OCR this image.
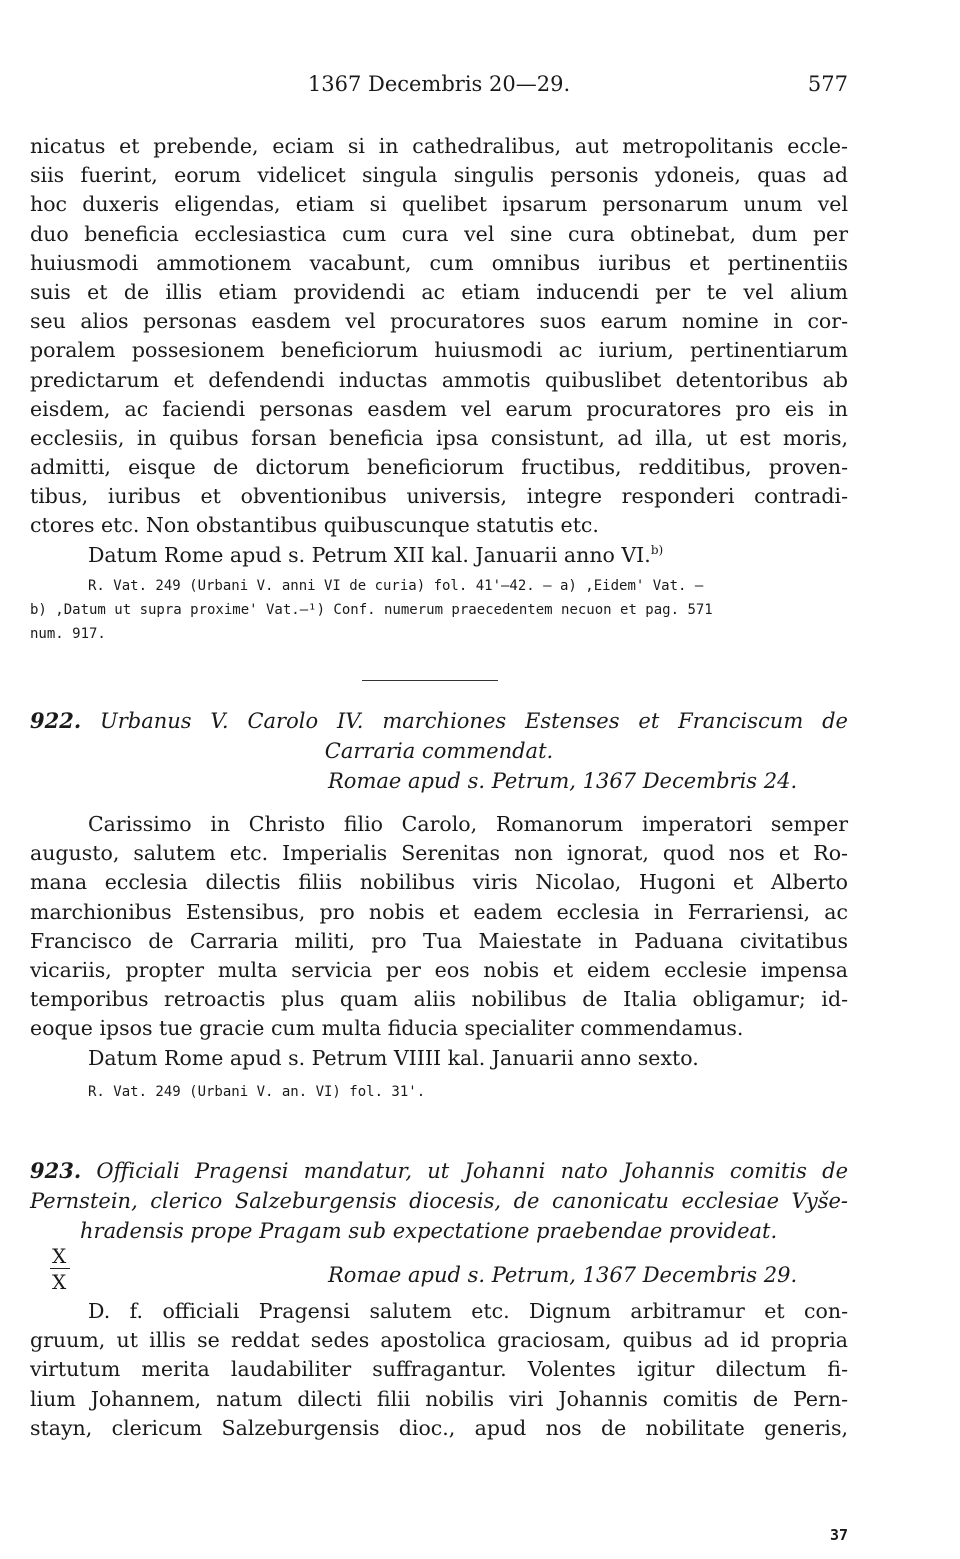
1367 Decembris 20—29.	577
nicatus et prebende, eciam si in cathedralibus, aut metropolitanis eccle-
siis fuerint, eorum videlicet singula singulis personis ydoneis, quas ad
hoc duxeris eligendas, etiam si quelibet ipsarum personarum unum vel
duo beneficia ecclesiastica cum cura vel sine cura obtinebat, dum per
huiusmodi ammotionem vacabunt, cum omnibus iuribus et pertinentiis
suis et de illis etiam providendi ac etiam inducendi per te vel alium
seu alios personas easdem vel procuratores suos earum nomine in cor-
poralem possesionem beneficiorum huiusmodi ac iurium, pertinentiarum
predictarum et defendendi inductas ammotis quibuslibet detentoribus ab
eisdem, ac faciendi personas easdem vel earum procuratores pro eis in
ecclesiis, in quibus forsan beneficia ipsa consistunt, ad illa, ut est moris,
admitti, eisque de dictorum beneficiorum fructibus, redditibus, proven-
tibus, iuribus et obventionibus universis, integre responderi contradi-
ctores etc. Non obstantibus quibuscunque statutis etc.
Datum Rome apud s. Petrum XII kal. Januarii anno VI.$^{b)}$
R. Vat. 249 (Urbani V. anni VI de curia) fol. 41'—42. — a) ‚Eidem' Vat. —
b) ‚Datum ut supra proxime' Vat.—¹) Conf. numerum praecedentem necuon et pag. 571
num. 917.
922. Urbanus V. Carolo IV. marchiones Estenses et Franciscum de
Carraria commendat.
Romae apud s. Petrum, 1367 Decembris 24.
Carissimo in Christo filio Carolo, Romanorum imperatori semper
augusto, salutem etc. Imperialis Serenitas non ignorat, quod nos et Ro-
mana ecclesia dilectis filiis nobilibus viris Nicolao, Hugoni et Alberto
marchionibus Estensibus, pro nobis et eadem ecclesia in Ferrariensi, ac
Francisco de Carraria militi, pro Tua Maiestate in Paduana civitatibus
vicariis, propter multa servicia per eos nobis et eidem ecclesie impensa
temporibus retroactis plus quam aliis nobilibus de Italia obligamur; id-
eoque ipsos tue gracie cum multa fiducia specialiter commendamus.
Datum Rome apud s. Petrum VIIII kal. Januarii anno sexto.
R. Vat. 249 (Urbani V. an. VI) fol. 31'.
923. Officiali Pragensi mandatur, ut Johanni nato Johannis comitis de
Pernstein, clerico Salzeburgensis diocesis, de canonicatu ecclesiae Vyše-
hradensis prope Pragam sub expectatione praebendae provideat.
X
X	Romae apud s. Petrum, 1367 Decembris 29.
D. f. officiali Pragensi salutem etc. Dignum arbitramur et con-
gruum, ut illis se reddat sedes apostolica graciosam, quibus ad id propria
virtutum merita laudabiliter suffragantur. Volentes igitur dilectum fi-
lium Johannem, natum dilecti filii nobilis viri Johannis comitis de Pern-
stayn, clericum Salzeburgensis dioc., apud nos de nobilitate generis,
37
